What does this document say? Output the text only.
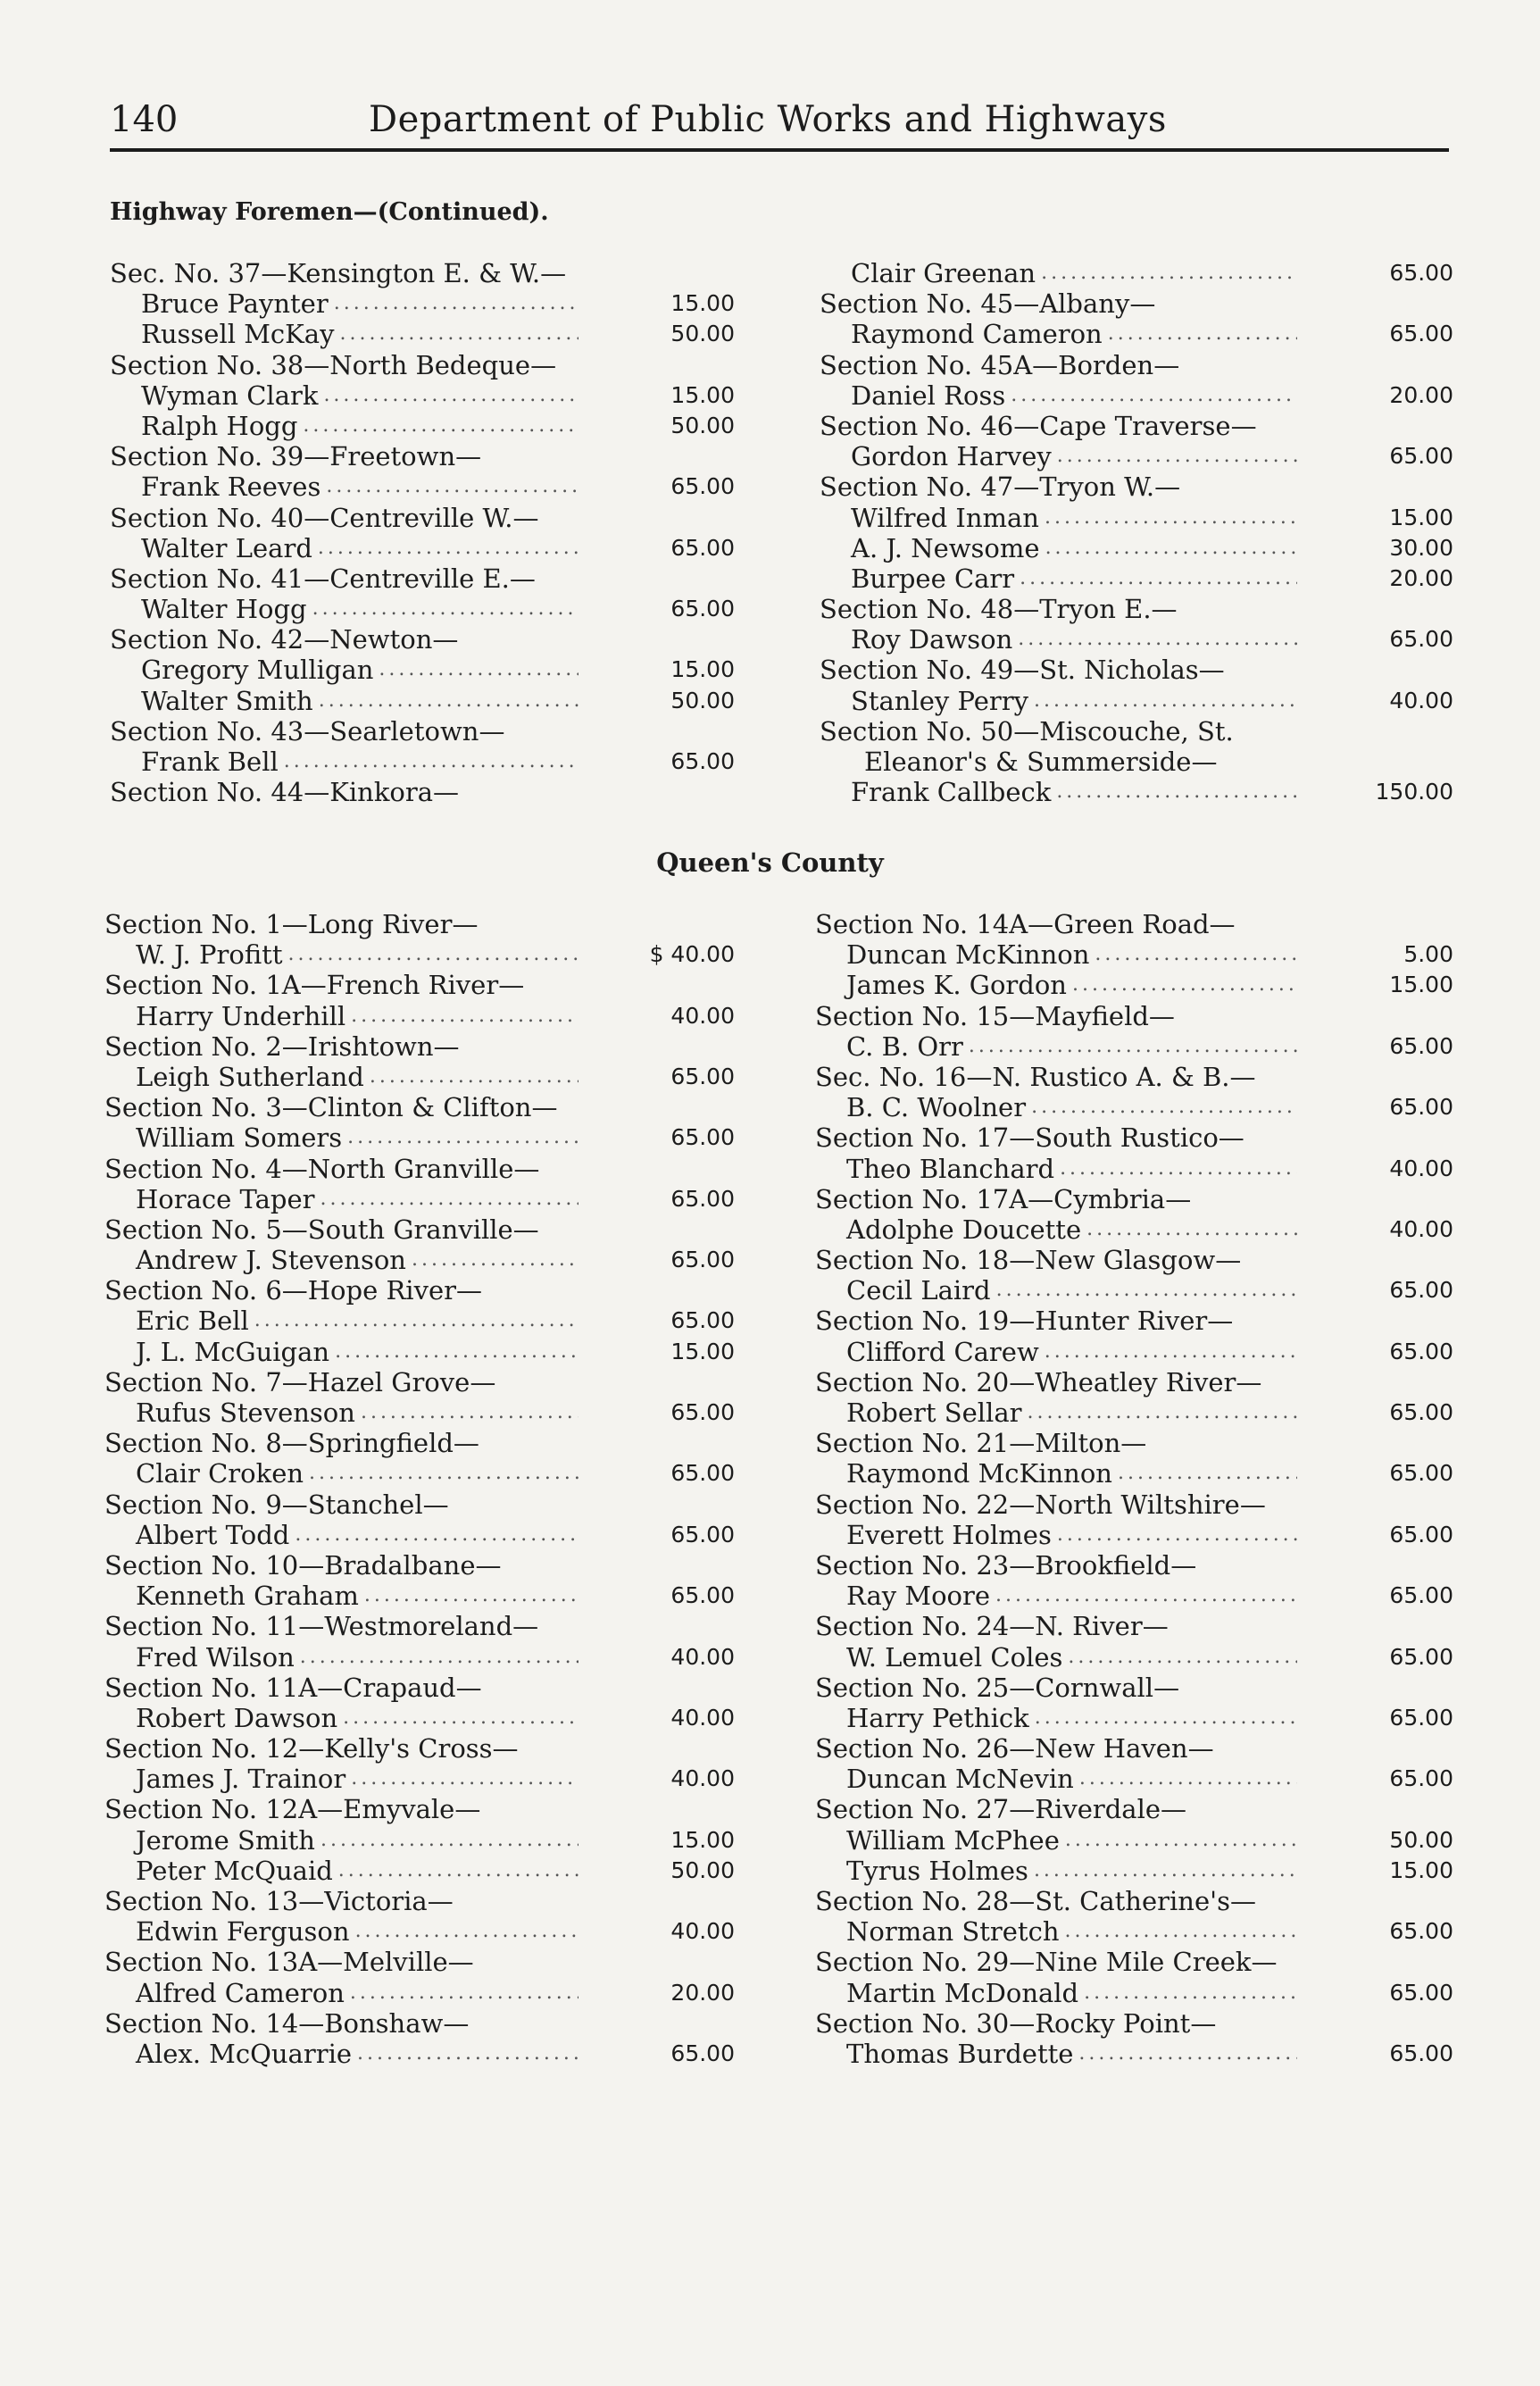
140	Department of Public Works and Highways
Highway Foremen—(Continued).
Sec. No. 37—Kensington E. & W.—
Bruce Paynter .....	15.00
Russell McKay .....	50.00
Section No. 38—North Bedeque—
Wyman Clark .....	15.00
Ralph Hogg .....	50.00
Section No. 39—Freetown—
Frank Reeves .....	65.00
Section No. 40—Centreville W.—
Walter Leard .....	65.00
Section No. 41—Centreville E.—
Walter Hogg .....	65.00
Section No. 42—Newton—
Gregory Mulligan .....	15.00
Walter Smith .....	50.00
Section No. 43—Searletown—
Frank Bell .....	65.00
Section No. 44—Kinkora—
Clair Greenan .....	65.00
Section No. 45—Albany—
Raymond Cameron .....	65.00
Section No. 45A—Borden—
Daniel Ross .....	20.00
Section No. 46—Cape Traverse—
Gordon Harvey .....	65.00
Section No. 47—Tryon W.—
Wilfred Inman .....	15.00
A. J. Newsome .....	30.00
Burpee Carr .....	20.00
Section No. 48—Tryon E.—
Roy Dawson .....	65.00
Section No. 49—St. Nicholas—
Stanley Perry .....	40.00
Section No. 50—Miscouche, St.
Eleanor's & Summerside—
Frank Callbeck .....	150.00
Queen's County
Section No. 1—Long River—
W. J. Profitt .....	$ 40.00
Section No. 1A—French River—
Harry Underhill .....	40.00
Section No. 2—Irishtown—
Leigh Sutherland .....	65.00
Section No. 3—Clinton & Clifton—
William Somers .....	65.00
Section No. 4—North Granville—
Horace Taper .....	65.00
Section No. 5—South Granville—
Andrew J. Stevenson .....	65.00
Section No. 6—Hope River—
Eric Bell .....	65.00
J. L. McGuigan .....	15.00
Section No. 7—Hazel Grove—
Rufus Stevenson .....	65.00
Section No. 8—Springfield—
Clair Croken .....	65.00
Section No. 9—Stanchel—
Albert Todd .....	65.00
Section No. 10—Bradalbane—
Kenneth Graham .....	65.00
Section No. 11—Westmoreland—
Fred Wilson .....	40.00
Section No. 11A—Crapaud—
Robert Dawson .....	40.00
Section No. 12—Kelly's Cross—
James J. Trainor .....	40.00
Section No. 12A—Emyvale—
Jerome Smith .....	15.00
Peter McQuaid .....	50.00
Section No. 13—Victoria—
Edwin Ferguson .....	40.00
Section No. 13A—Melville—
Alfred Cameron .....	20.00
Section No. 14—Bonshaw—
Alex. McQuarrie .....	65.00
Section No. 14A—Green Road—
Duncan McKinnon .....	5.00
James K. Gordon .....	15.00
Section No. 15—Mayfield—
C. B. Orr .....	65.00
Sec. No. 16—N. Rustico A. & B.—
B. C. Woolner .....	65.00
Section No. 17—South Rustico—
Theo Blanchard .....	40.00
Section No. 17A—Cymbria—
Adolphe Doucette .....	40.00
Section No. 18—New Glasgow—
Cecil Laird .....	65.00
Section No. 19—Hunter River—
Clifford Carew .....	65.00
Section No. 20—Wheatley River—
Robert Sellar .....	65.00
Section No. 21—Milton—
Raymond McKinnon .....	65.00
Section No. 22—North Wiltshire—
Everett Holmes .....	65.00
Section No. 23—Brookfield—
Ray Moore .....	65.00
Section No. 24—N. River—
W. Lemuel Coles .....	65.00
Section No. 25—Cornwall—
Harry Pethick .....	65.00
Section No. 26—New Haven—
Duncan McNevin .....	65.00
Section No. 27—Riverdale—
William McPhee .....	50.00
Tyrus Holmes .....	15.00
Section No. 28—St. Catherine's—
Norman Stretch .....	65.00
Section No. 29—Nine Mile Creek—
Martin McDonald .....	65.00
Section No. 30—Rocky Point—
Thomas Burdette .....	65.00
